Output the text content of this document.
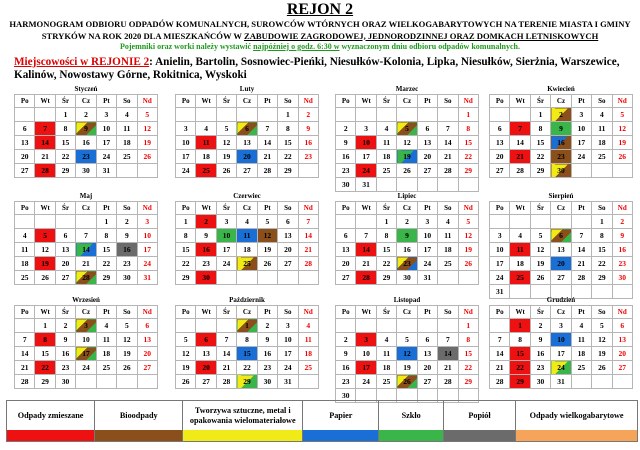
REJON 2
HARMONOGRAM ODBIORU ODPADÓW KOMUNALNYCH, SUROWCÓW WTÓRNYCH ORAZ WIELKOGABARYTOWYCH NA TERENIE MIASTA I GMINY
STRYKÓW NA ROK 2020 DLA MIESZKAŃCÓW W ZABUDOWIE ZAGRODOWEJ, JEDNORODZINNEJ ORAZ DOMKACH LETNISKOWYCH
Pojemniki oraz worki należy wystawić najpóźniej o godz. 6:30 w wyznaczonym dniu odbioru odpadów komunalnych.
Miejscowości w REJONIE 2: Anielin, Bartolin, Sosnowiec-Pieńki, Niesułków-Kolonia, Lipka, Niesułków, Sierżnia, Warszewice, Kalinów, Nowostawy Górne, Rokitnica, Wyskoki
Styczeń
Po	Wt	Śr	Cz	Pt	So	Nd
		1	2	3	4	5
6	7	8	9	10	11	12
13	14	15	16	17	18	19
20	21	22	23	24	25	26
27	28	29	30	31		
Luty
Po	Wt	Śr	Cz	Pt	So	Nd
					1	2
3	4	5	6	7	8	9
10	11	12	13	14	15	16
17	18	19	20	21	22	23
24	25	26	27	28	29	
Marzec
Po	Wt	Śr	Cz	Pt	So	Nd
						1
2	3	4	5	6	7	8
9	10	11	12	13	14	15
16	17	18	19	20	21	22
23	24	25	26	27	28	29
30	31					
Kwiecień
Po	Wt	Śr	Cz	Pt	So	Nd
		1	2	3	4	5
6	7	8	9	10	11	12
13	14	15	16	17	18	19
20	21	22	23	24	25	26
27	28	29	30			
Maj
Po	Wt	Śr	Cz	Pt	So	Nd
				1	2	3
4	5	6	7	8	9	10
11	12	13	14	15	16	17
18	19	20	21	22	23	24
25	26	27	28	29	30	31
Czerwiec
Po	Wt	Śr	Cz	Pt	So	Nd
1	2	3	4	5	6	7
8	9	10	11	12	13	14
15	16	17	18	19	20	21
22	23	24	25	26	27	28
29	30					
Lipiec
Po	Wt	Śr	Cz	Pt	So	Nd
		1	2	3	4	5
6	7	8	9	10	11	12
13	14	15	16	17	18	19
20	21	22	23	24	25	26
27	28	29	30	31		
Sierpień
Po	Wt	Śr	Cz	Pt	So	Nd
					1	2
3	4	5	6	7	8	9
10	11	12	13	14	15	16
17	18	19	20	21	22	23
24	25	26	27	28	29	30
31						
Wrzesień
Po	Wt	Śr	Cz	Pt	So	Nd
	1	2	3	4	5	6
7	8	9	10	11	12	13
14	15	16	17	18	19	20
21	22	23	24	25	26	27
28	29	30				
Październik
Po	Wt	Śr	Cz	Pt	So	Nd
			1	2	3	4
5	6	7	8	9	10	11
12	13	14	15	16	17	18
19	20	21	22	23	24	25
26	27	28	29	30	31	
Listopad
Po	Wt	Śr	Cz	Pt	So	Nd
						1
2	3	4	5	6	7	8
9	10	11	12	13	14	15
16	17	18	19	20	21	22
23	24	25	26	27	28	29
30						
Grudzień
Po	Wt	Śr	Cz	Pt	So	Nd
	1	2	3	4	5	6
7	8	9	10	11	12	13
14	15	16	17	18	19	20
21	22	23	24	25	26	27
28	29	30	31			
Odpady zmieszane	Bioodpady
Tworzywa sztuczne, metal i opakowania wielomateriałowe
Papier	Szkło	Popiół	Odpady wielkogabarytowe
